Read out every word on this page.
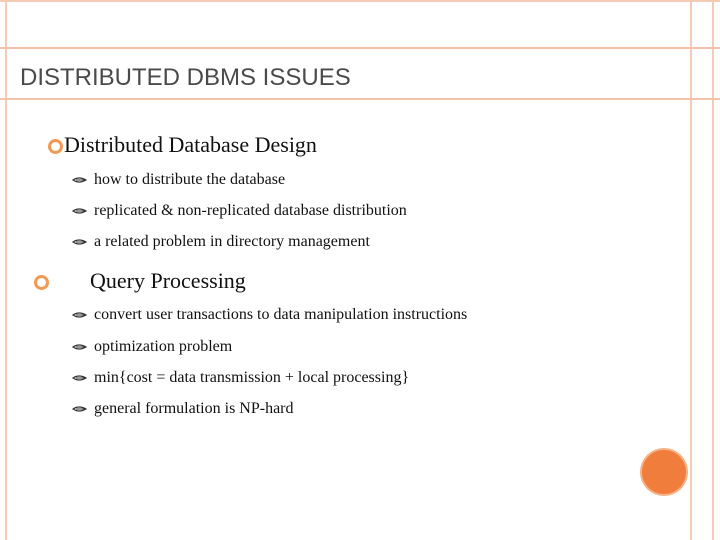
DISTRIBUTED DBMS ISSUES
Distributed Database Design
how to distribute the database
replicated & non-replicated database distribution
a related problem in directory management
Query Processing
convert user transactions to data manipulation instructions
optimization problem
min{cost = data transmission + local processing}
general formulation is NP-hard
